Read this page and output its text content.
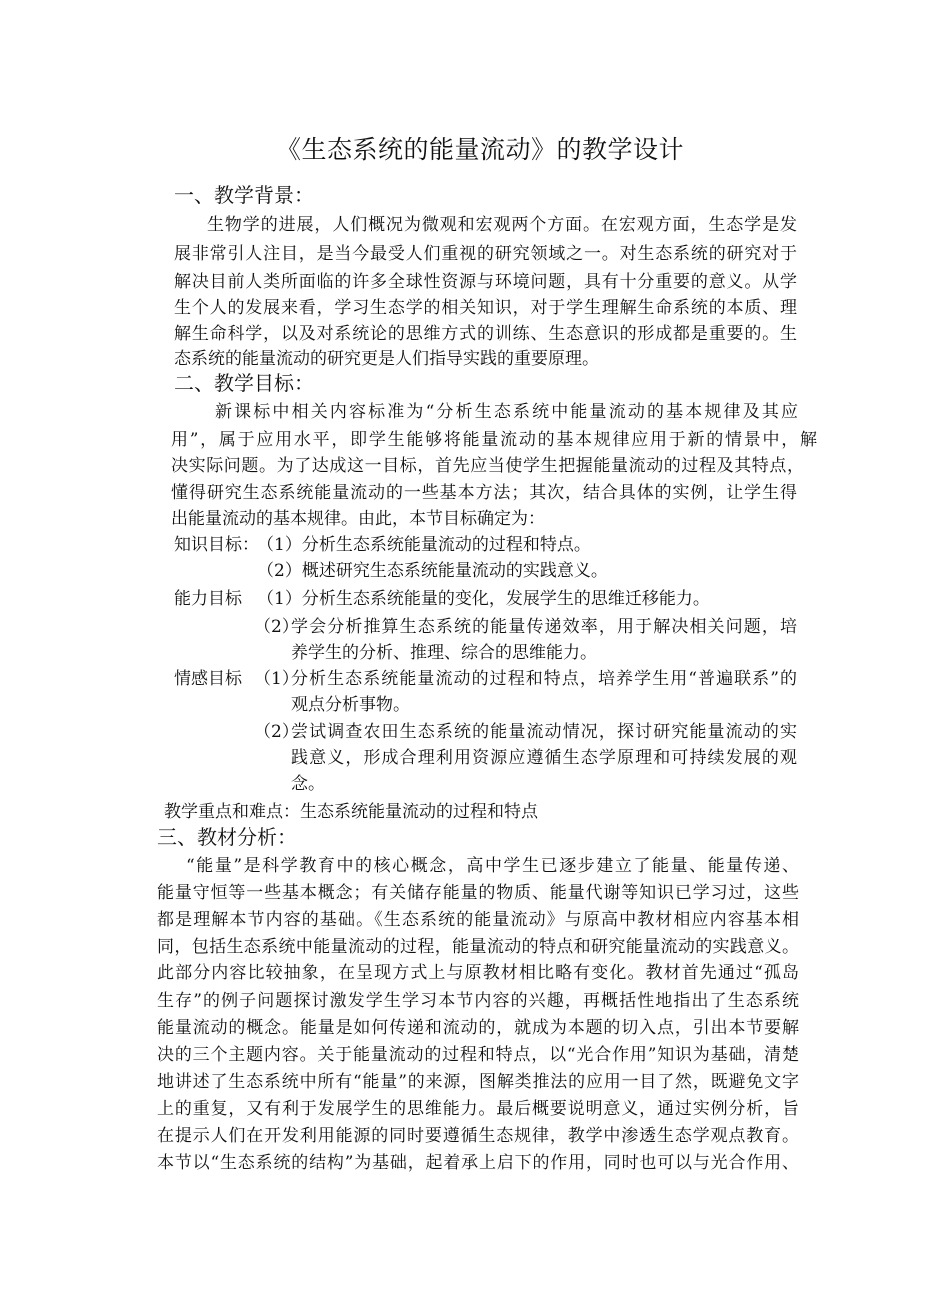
《生态系统的能量流动》的教学设计
一、教学背景：
生物学的进展，人们概况为微观和宏观两个方面。在宏观方面，生态学是发
展非常引人注目，是当今最受人们重视的研究领域之一。对生态系统的研究对于
解决目前人类所面临的许多全球性资源与环境问题，具有十分重要的意义。从学
生个人的发展来看，学习生态学的相关知识，对于学生理解生命系统的本质、理
解生命科学，以及对系统论的思维方式的训练、生态意识的形成都是重要的。生
态系统的能量流动的研究更是人们指导实践的重要原理。
二、教学目标：
新课标中相关内容标准为“分析生态系统中能量流动的基本规律及其应
用”，属于应用水平，即学生能够将能量流动的基本规律应用于新的情景中，解
决实际问题。为了达成这一目标，首先应当使学生把握能量流动的过程及其特点，
懂得研究生态系统能量流动的一些基本方法；其次，结合具体的实例，让学生得
出能量流动的基本规律。由此，本节目标确定为：
知识目标：
（1）分析生态系统能量流动的过程和特点。
（2）概述研究生态系统能量流动的实践意义。
能力目标 （1）分析生态系统能量的变化，发展学生的思维迁移能力。
（2）
学会分析推算生态系统的能量传递效率，用于解决相关问题，培
养学生的分析、推理、综合的思维能力。
情感目标 （1）
分析生态系统能量流动的过程和特点，培养学生用“普遍联系”的
观点分析事物。
（2）
尝试调查农田生态系统的能量流动情况，探讨研究能量流动的实
践意义，形成合理利用资源应遵循生态学原理和可持续发展的观
念。
教学重点和难点：生态系统能量流动的过程和特点
三、教材分析：
“能量”是科学教育中的核心概念，高中学生已逐步建立了能量、能量传递、
能量守恒等一些基本概念；有关储存能量的物质、能量代谢等知识已学习过，这些
都是理解本节内容的基础。《生态系统的能量流动》与原高中教材相应内容基本相
同，包括生态系统中能量流动的过程，能量流动的特点和研究能量流动的实践意义。
此部分内容比较抽象，在呈现方式上与原教材相比略有变化。教材首先通过“孤岛
生存”的例子问题探讨激发学生学习本节内容的兴趣，再概括性地指出了生态系统
能量流动的概念。能量是如何传递和流动的，就成为本题的切入点，引出本节要解
决的三个主题内容。关于能量流动的过程和特点，以“光合作用”知识为基础，清楚
地讲述了生态系统中所有“能量”的来源，图解类推法的应用一目了然，既避免文字
上的重复，又有利于发展学生的思维能力。最后概要说明意义，通过实例分析，旨
在提示人们在开发利用能源的同时要遵循生态规律，教学中渗透生态学观点教育。
本节以“生态系统的结构”为基础，起着承上启下的作用，同时也可以与光合作用、
